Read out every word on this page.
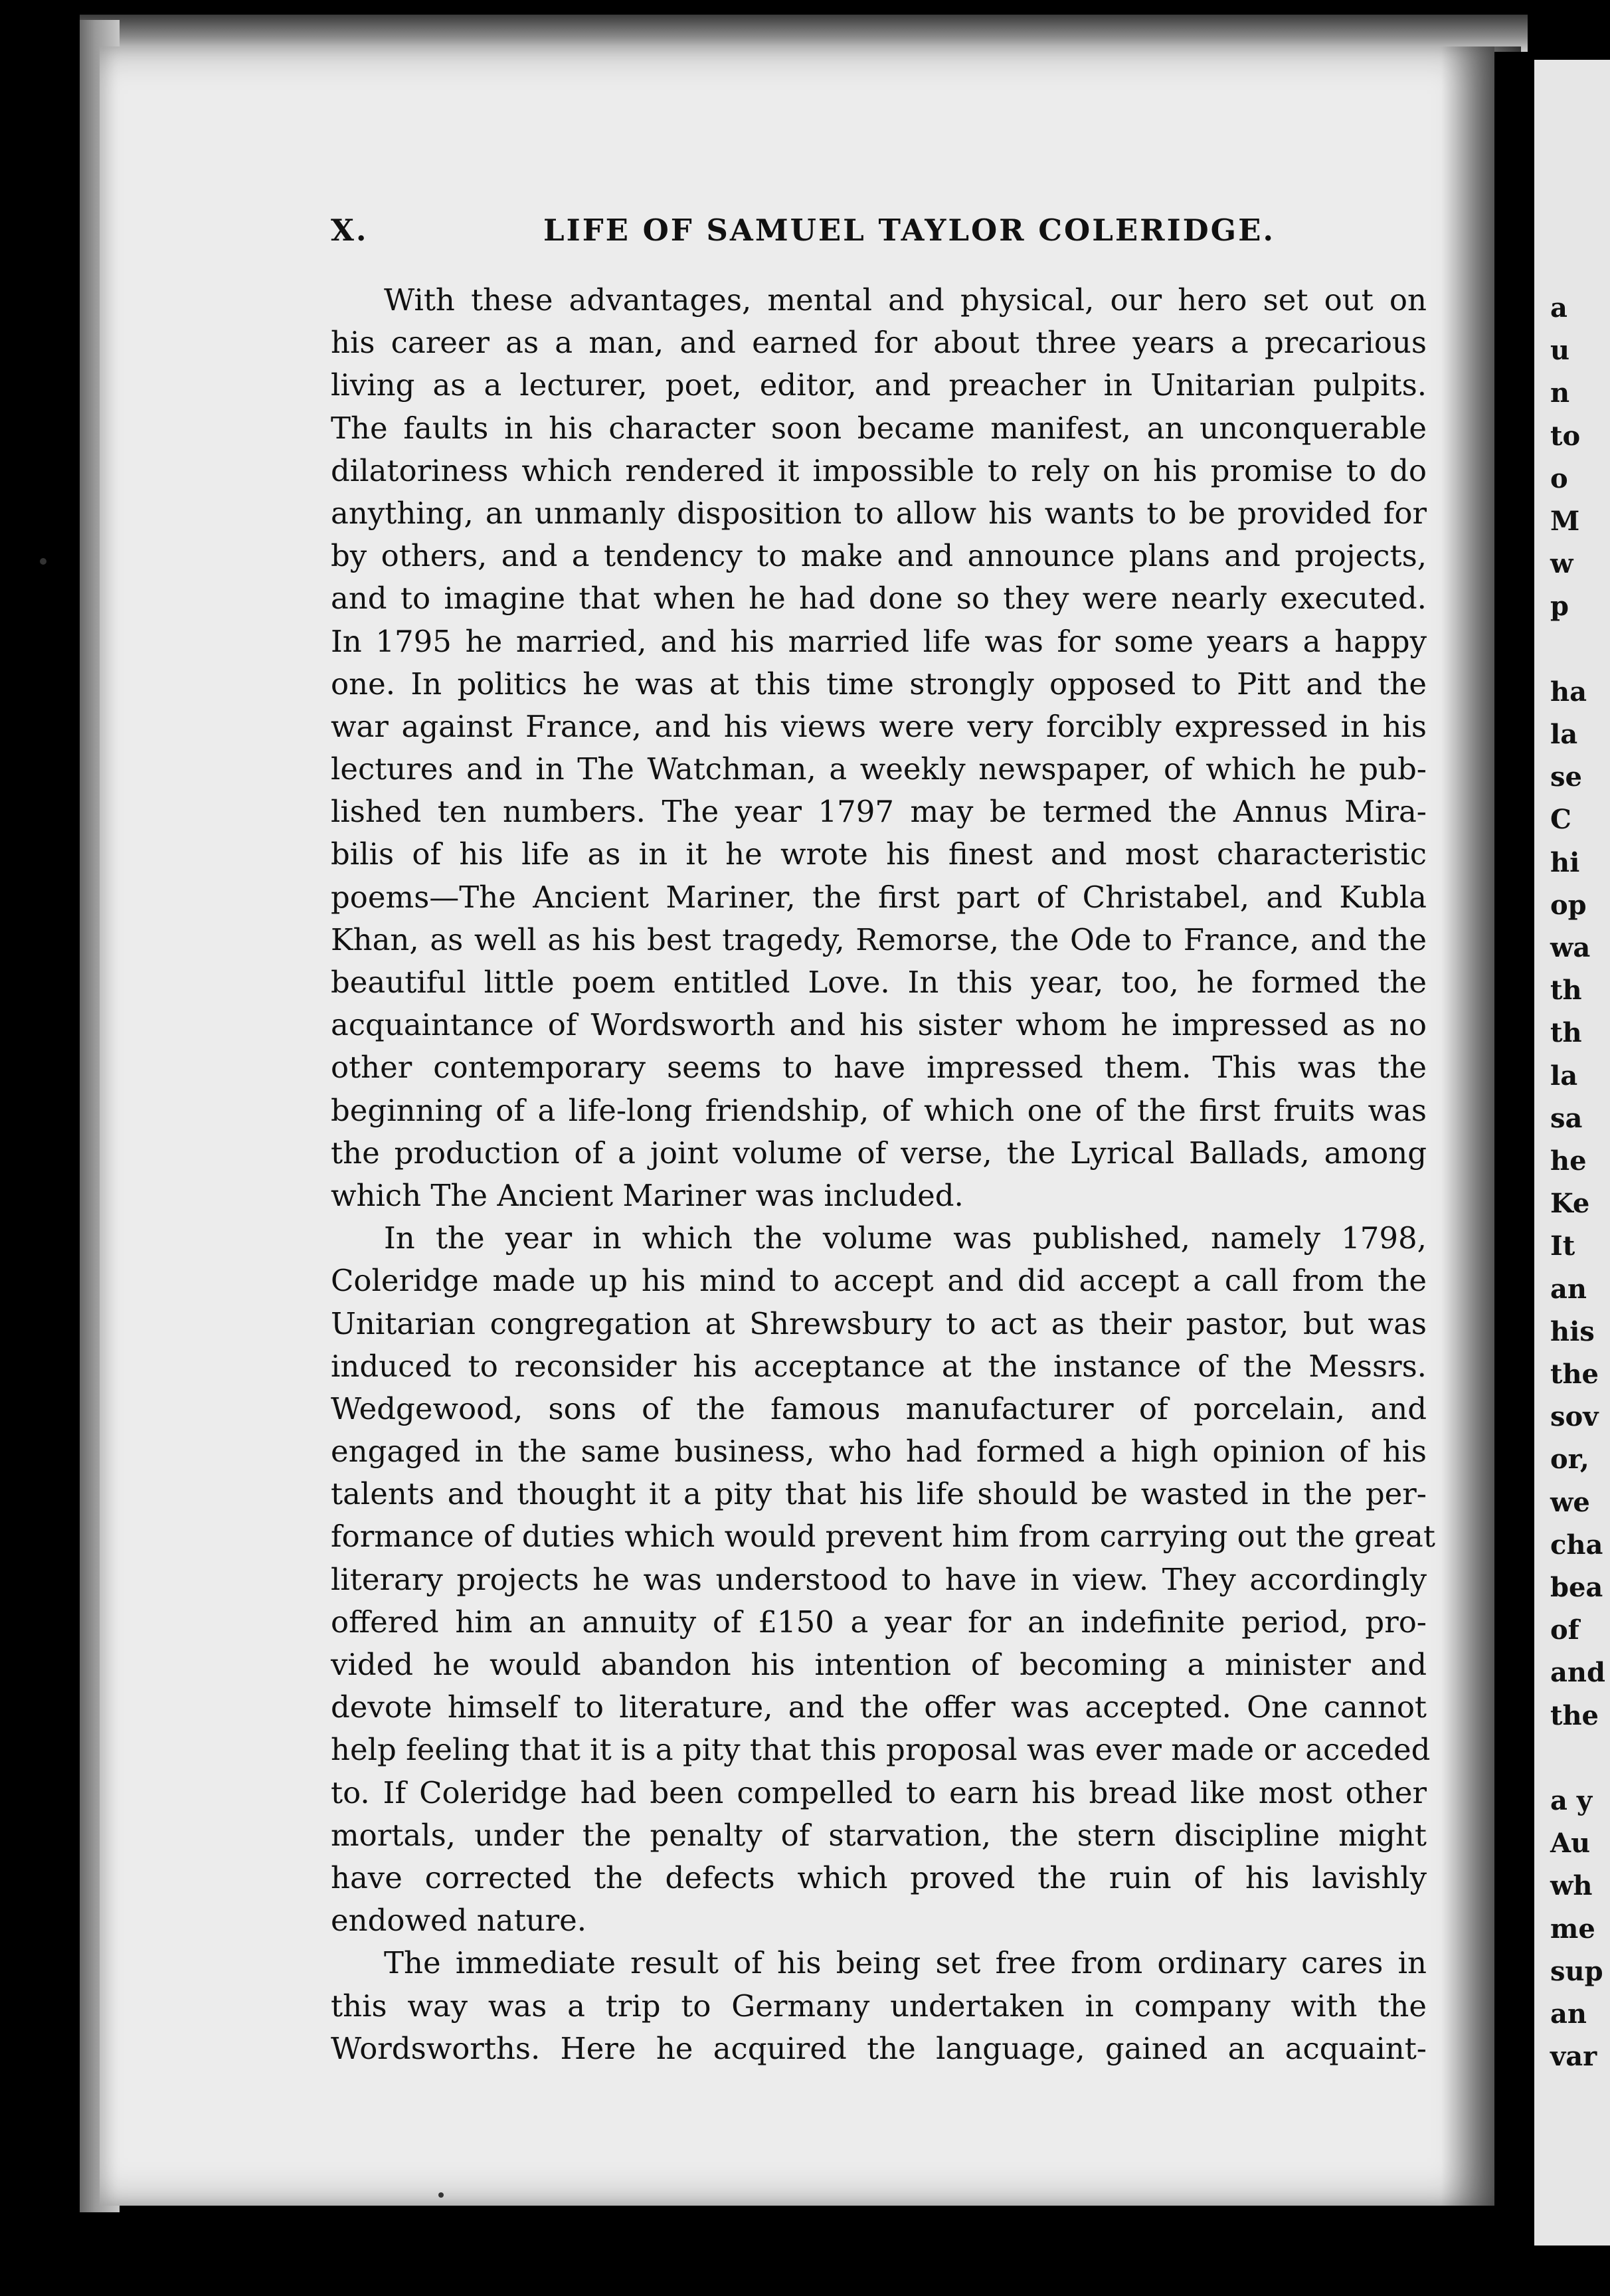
X.	LIFE OF SAMUEL TAYLOR COLERIDGE.
With these advantages, mental and physical, our hero set out on
his career as a man, and earned for about three years a precarious
living as a lecturer, poet, editor, and preacher in Unitarian pulpits.
The faults in his character soon became manifest, an unconquerable
dilatoriness which rendered it impossible to rely on his promise to do
anything, an unmanly disposition to allow his wants to be provided for
by others, and a tendency to make and announce plans and projects,
and to imagine that when he had done so they were nearly executed.
In 1795 he married, and his married life was for some years a happy
one. In politics he was at this time strongly opposed to Pitt and the
war against France, and his views were very forcibly expressed in his
lectures and in The Watchman, a weekly newspaper, of which he pub-
lished ten numbers. The year 1797 may be termed the Annus Mira-
bilis of his life as in it he wrote his finest and most characteristic
poems—The Ancient Mariner, the first part of Christabel, and Kubla
Khan, as well as his best tragedy, Remorse, the Ode to France, and the
beautiful little poem entitled Love. In this year, too, he formed the
acquaintance of Wordsworth and his sister whom he impressed as no
other contemporary seems to have impressed them. This was the
beginning of a life-long friendship, of which one of the first fruits was
the production of a joint volume of verse, the Lyrical Ballads, among
which The Ancient Mariner was included.
In the year in which the volume was published, namely 1798,
Coleridge made up his mind to accept and did accept a call from the
Unitarian congregation at Shrewsbury to act as their pastor, but was
induced to reconsider his acceptance at the instance of the Messrs.
Wedgewood, sons of the famous manufacturer of porcelain, and
engaged in the same business, who had formed a high opinion of his
talents and thought it a pity that his life should be wasted in the per-
formance of duties which would prevent him from carrying out the great
literary projects he was understood to have in view. They accordingly
offered him an annuity of £150 a year for an indefinite period, pro-
vided he would abandon his intention of becoming a minister and
devote himself to literature, and the offer was accepted. One cannot
help feeling that it is a pity that this proposal was ever made or acceded
to. If Coleridge had been compelled to earn his bread like most other
mortals, under the penalty of starvation, the stern discipline might
have corrected the defects which proved the ruin of his lavishly
endowed nature.
The immediate result of his being set free from ordinary cares in
this way was a trip to Germany undertaken in company with the
Wordsworths. Here he acquired the language, gained an acquaint-
a
u
n
to
o
M
w
p
ha
la
se
C
hi
op
wa
th
th
la
sa
he
Ke
It
an
his
the
sov
or,
we
cha
bea
of
and
the
a y
Au
wh
me
sup
an
var
